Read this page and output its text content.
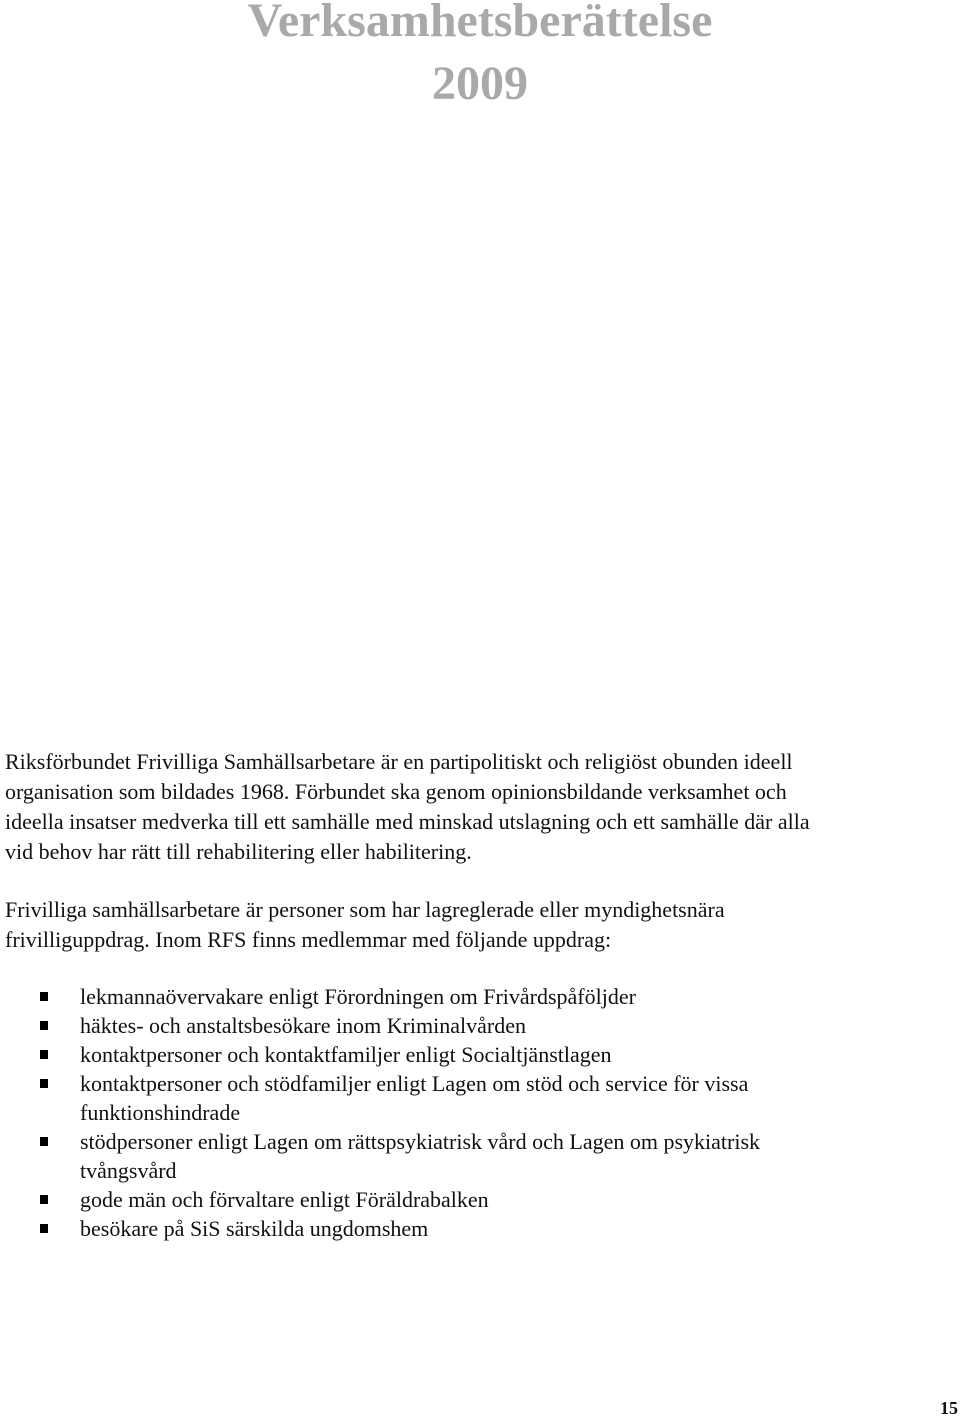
Verksamhetsberättelse
2009

Riksförbundet Frivilliga Samhällsarbetare är en partipolitiskt och religiöst obunden ideell
organisation som bildades 1968. Förbundet ska genom opinionsbildande verksamhet och
ideella insatser medverka till ett samhälle med minskad utslagning och ett samhälle där alla
vid behov har rätt till rehabilitering eller habilitering.

Frivilliga samhällsarbetare är personer som har lagreglerade eller myndighetsnära
frivilliguppdrag. Inom RFS finns medlemmar med följande uppdrag:

lekmannaövervakare enligt Förordningen om Frivårdspåföljder
häktes- och anstaltsbesökare inom Kriminalvården
kontaktpersoner och kontaktfamiljer enligt Socialtjänstlagen
kontaktpersoner och stödfamiljer enligt Lagen om stöd och service för vissa
funktionshindrade
stödpersoner enligt Lagen om rättspsykiatrisk vård och Lagen om psykiatrisk
tvångsvård
gode män och förvaltare enligt Föräldrabalken
besökare på SiS särskilda ungdomshem
15
